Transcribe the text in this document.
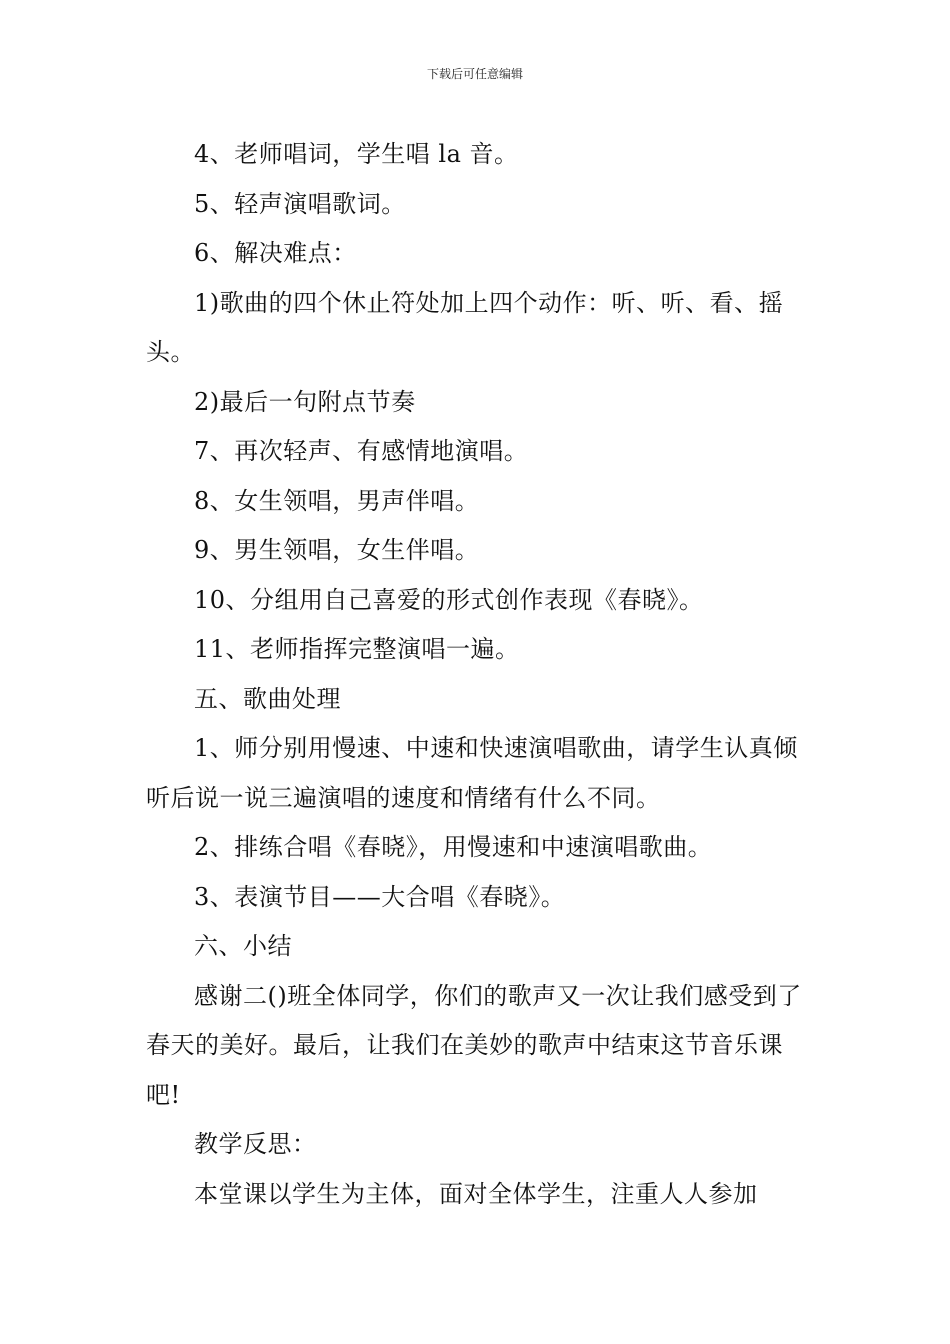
下载后可任意编辑

4、老师唱词，学生唱 la 音。

5、轻声演唱歌词。

6、解决难点：

1)歌曲的四个休止符处加上四个动作：听、听、看、摇头。

2)最后一句附点节奏

7、再次轻声、有感情地演唱。

8、女生领唱，男声伴唱。

9、男生领唱，女生伴唱。

10、分组用自己喜爱的形式创作表现《春晓》。

11、老师指挥完整演唱一遍。

五、歌曲处理

1、师分别用慢速、中速和快速演唱歌曲，请学生认真倾听后说一说三遍演唱的速度和情绪有什么不同。

2、排练合唱《春晓》，用慢速和中速演唱歌曲。

3、表演节目——大合唱《春晓》。

六、小结

感谢二()班全体同学，你们的歌声又一次让我们感受到了春天的美好。最后，让我们在美妙的歌声中结束这节音乐课吧!

教学反思：

本堂课以学生为主体，面对全体学生，注重人人参加
